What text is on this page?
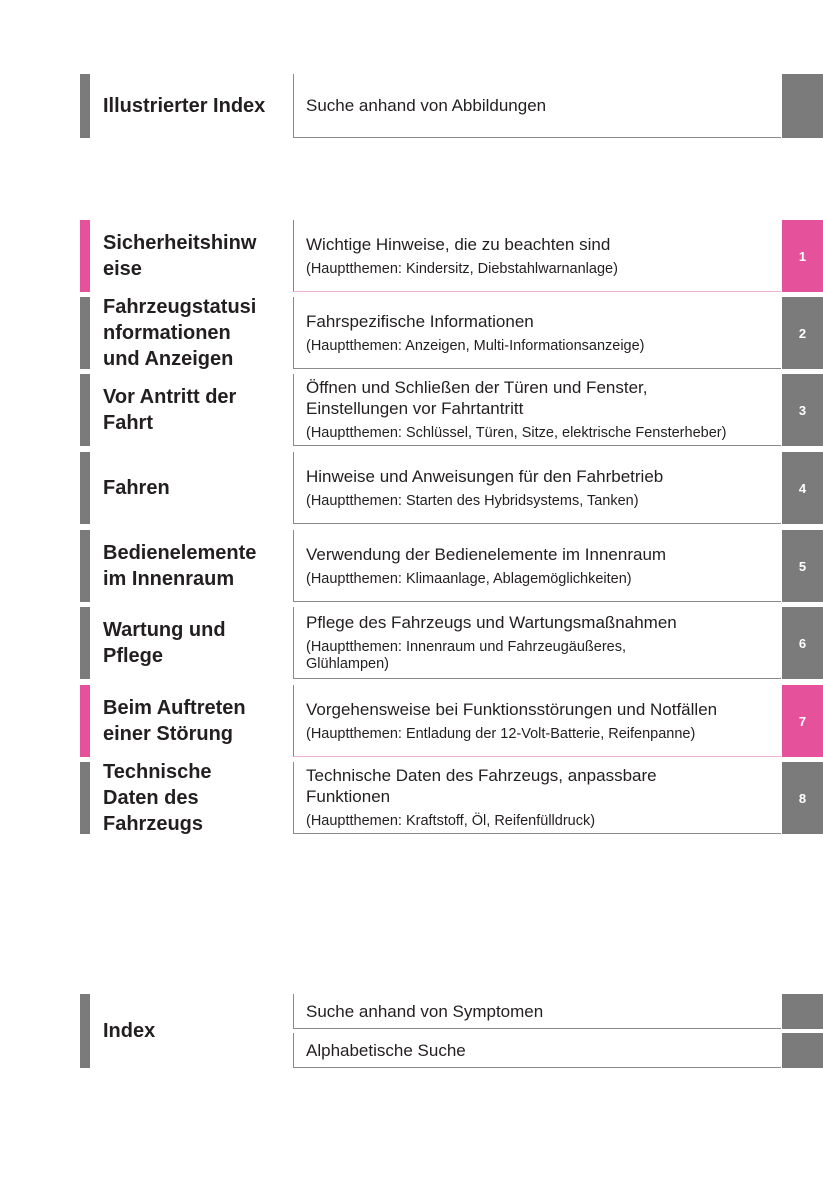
Illustrierter Index Suche anhand von Abbildungen
Sicherheitshinw
eise
Wichtige Hinweise, die zu beachten sind
(Hauptthemen: Kindersitz, Diebstahlwarnanlage)
1
Fahrzeugstatusi
nformationen
und Anzeigen
Fahrspezifische Informationen
(Hauptthemen: Anzeigen, Multi-Informationsanzeige)
2
Vor Antritt der
Fahrt
Öffnen und Schließen der Türen und Fenster,
Einstellungen vor Fahrtantritt
(Hauptthemen: Schlüssel, Türen, Sitze, elektrische Fensterheber)
3
Fahren
Hinweise und Anweisungen für den Fahrbetrieb
(Hauptthemen: Starten des Hybridsystems, Tanken)
4
Bedienelemente
im Innenraum
Verwendung der Bedienelemente im Innenraum
(Hauptthemen: Klimaanlage, Ablagemöglichkeiten)
5
Wartung und
Pflege
Pflege des Fahrzeugs und Wartungsmaßnahmen
(Hauptthemen: Innenraum und Fahrzeugäußeres,
Glühlampen)
6
Beim Auftreten
einer Störung
Vorgehensweise bei Funktionsstörungen und Notfällen
(Hauptthemen: Entladung der 12-Volt-Batterie, Reifenpanne)
7
Technische
Daten des
Fahrzeugs
Technische Daten des Fahrzeugs, anpassbare
Funktionen
(Hauptthemen: Kraftstoff, Öl, Reifenfülldruck)
8
Index
Suche anhand von Symptomen
Alphabetische Suche
